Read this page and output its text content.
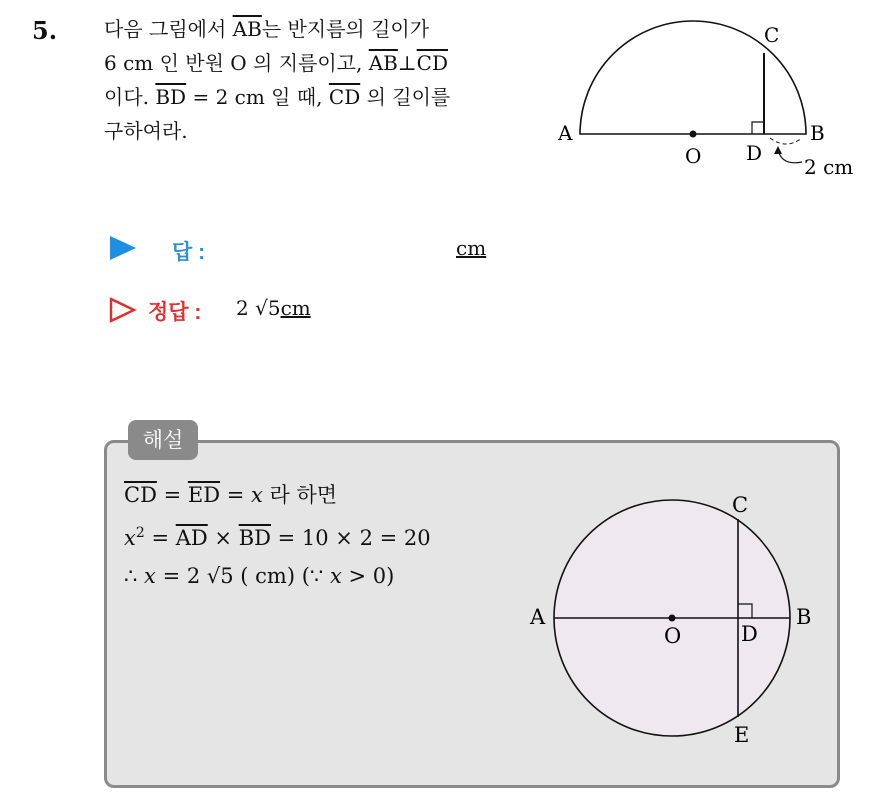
5. 다음 그림에서 $\overline{AB}$는 반지름의 길이가
6 cm 인 반원 O 의 지름이고, $\overline{AB}\perp\overline{CD}$
이다. $\overline{BD} = 2$ cm 일 때, $\overline{CD}$ 의 길이를
구하여라.	A	B
C
D
O	2 cm
답 :	cm
정답 : 2 √5cm
해설
$\overline{CD} = \overline{ED} = x$ 라 하면
$x^2 = \overline{AD} \times \overline{BD} = 10 \times 2 = 20$
∴ x = 2 √5 ( cm) (∵ x > 0)
A	B
C
D
O
E
